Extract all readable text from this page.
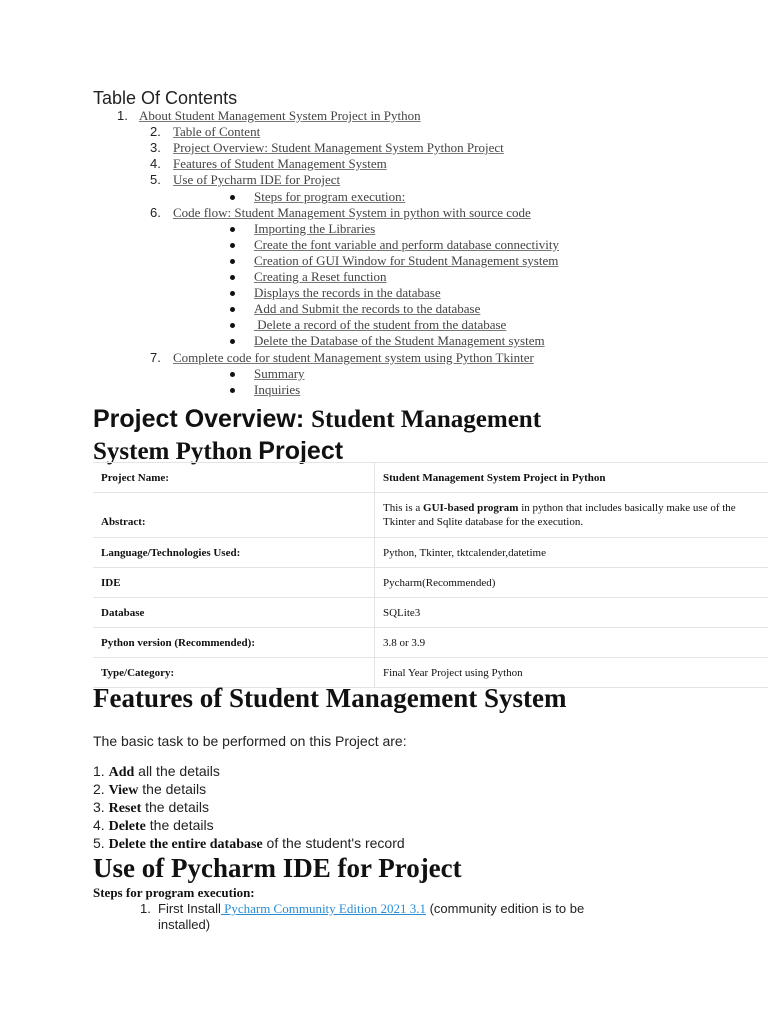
Table Of Contents
1. About Student Management System Project in Python
2. Table of Content
3. Project Overview: Student Management System Python Project
4. Features of Student Management System
5. Use of Pycharm IDE for Project
Steps for program execution:
6. Code flow: Student Management System in python with source code
Importing the Libraries
Create the font variable and perform database connectivity
Creation of GUI Window for Student Management system
Creating a Reset function
Displays the records in the database
Add and Submit the records to the database
Delete a record of the student from the database
Delete the Database of the Student Management system
7. Complete code for student Management system using Python Tkinter
Summary
Inquiries
Project Overview: Student Management
System Python Project
Project Name:	Student Management System Project in Python
Abstract:	This is a GUI-based program in python that includes basically make use of the Tkinter and Sqlite database for the execution.
Language/Technologies Used:	Python, Tkinter, tktcalender,datetime
IDE	Pycharm(Recommended)
Database	SQLite3
Python version (Recommended):	3.8 or 3.9
Type/Category:	Final Year Project using Python
Features of Student Management System

The basic task to be performed on this Project are:

1. Add all the details
2. View the details
3. Reset the details
4. Delete the details
5. Delete the entire database of the student's record
Use of Pycharm IDE for Project

Steps for program execution:

1. First Install Pycharm Community Edition 2021 3.1 (community edition is to be
installed)
